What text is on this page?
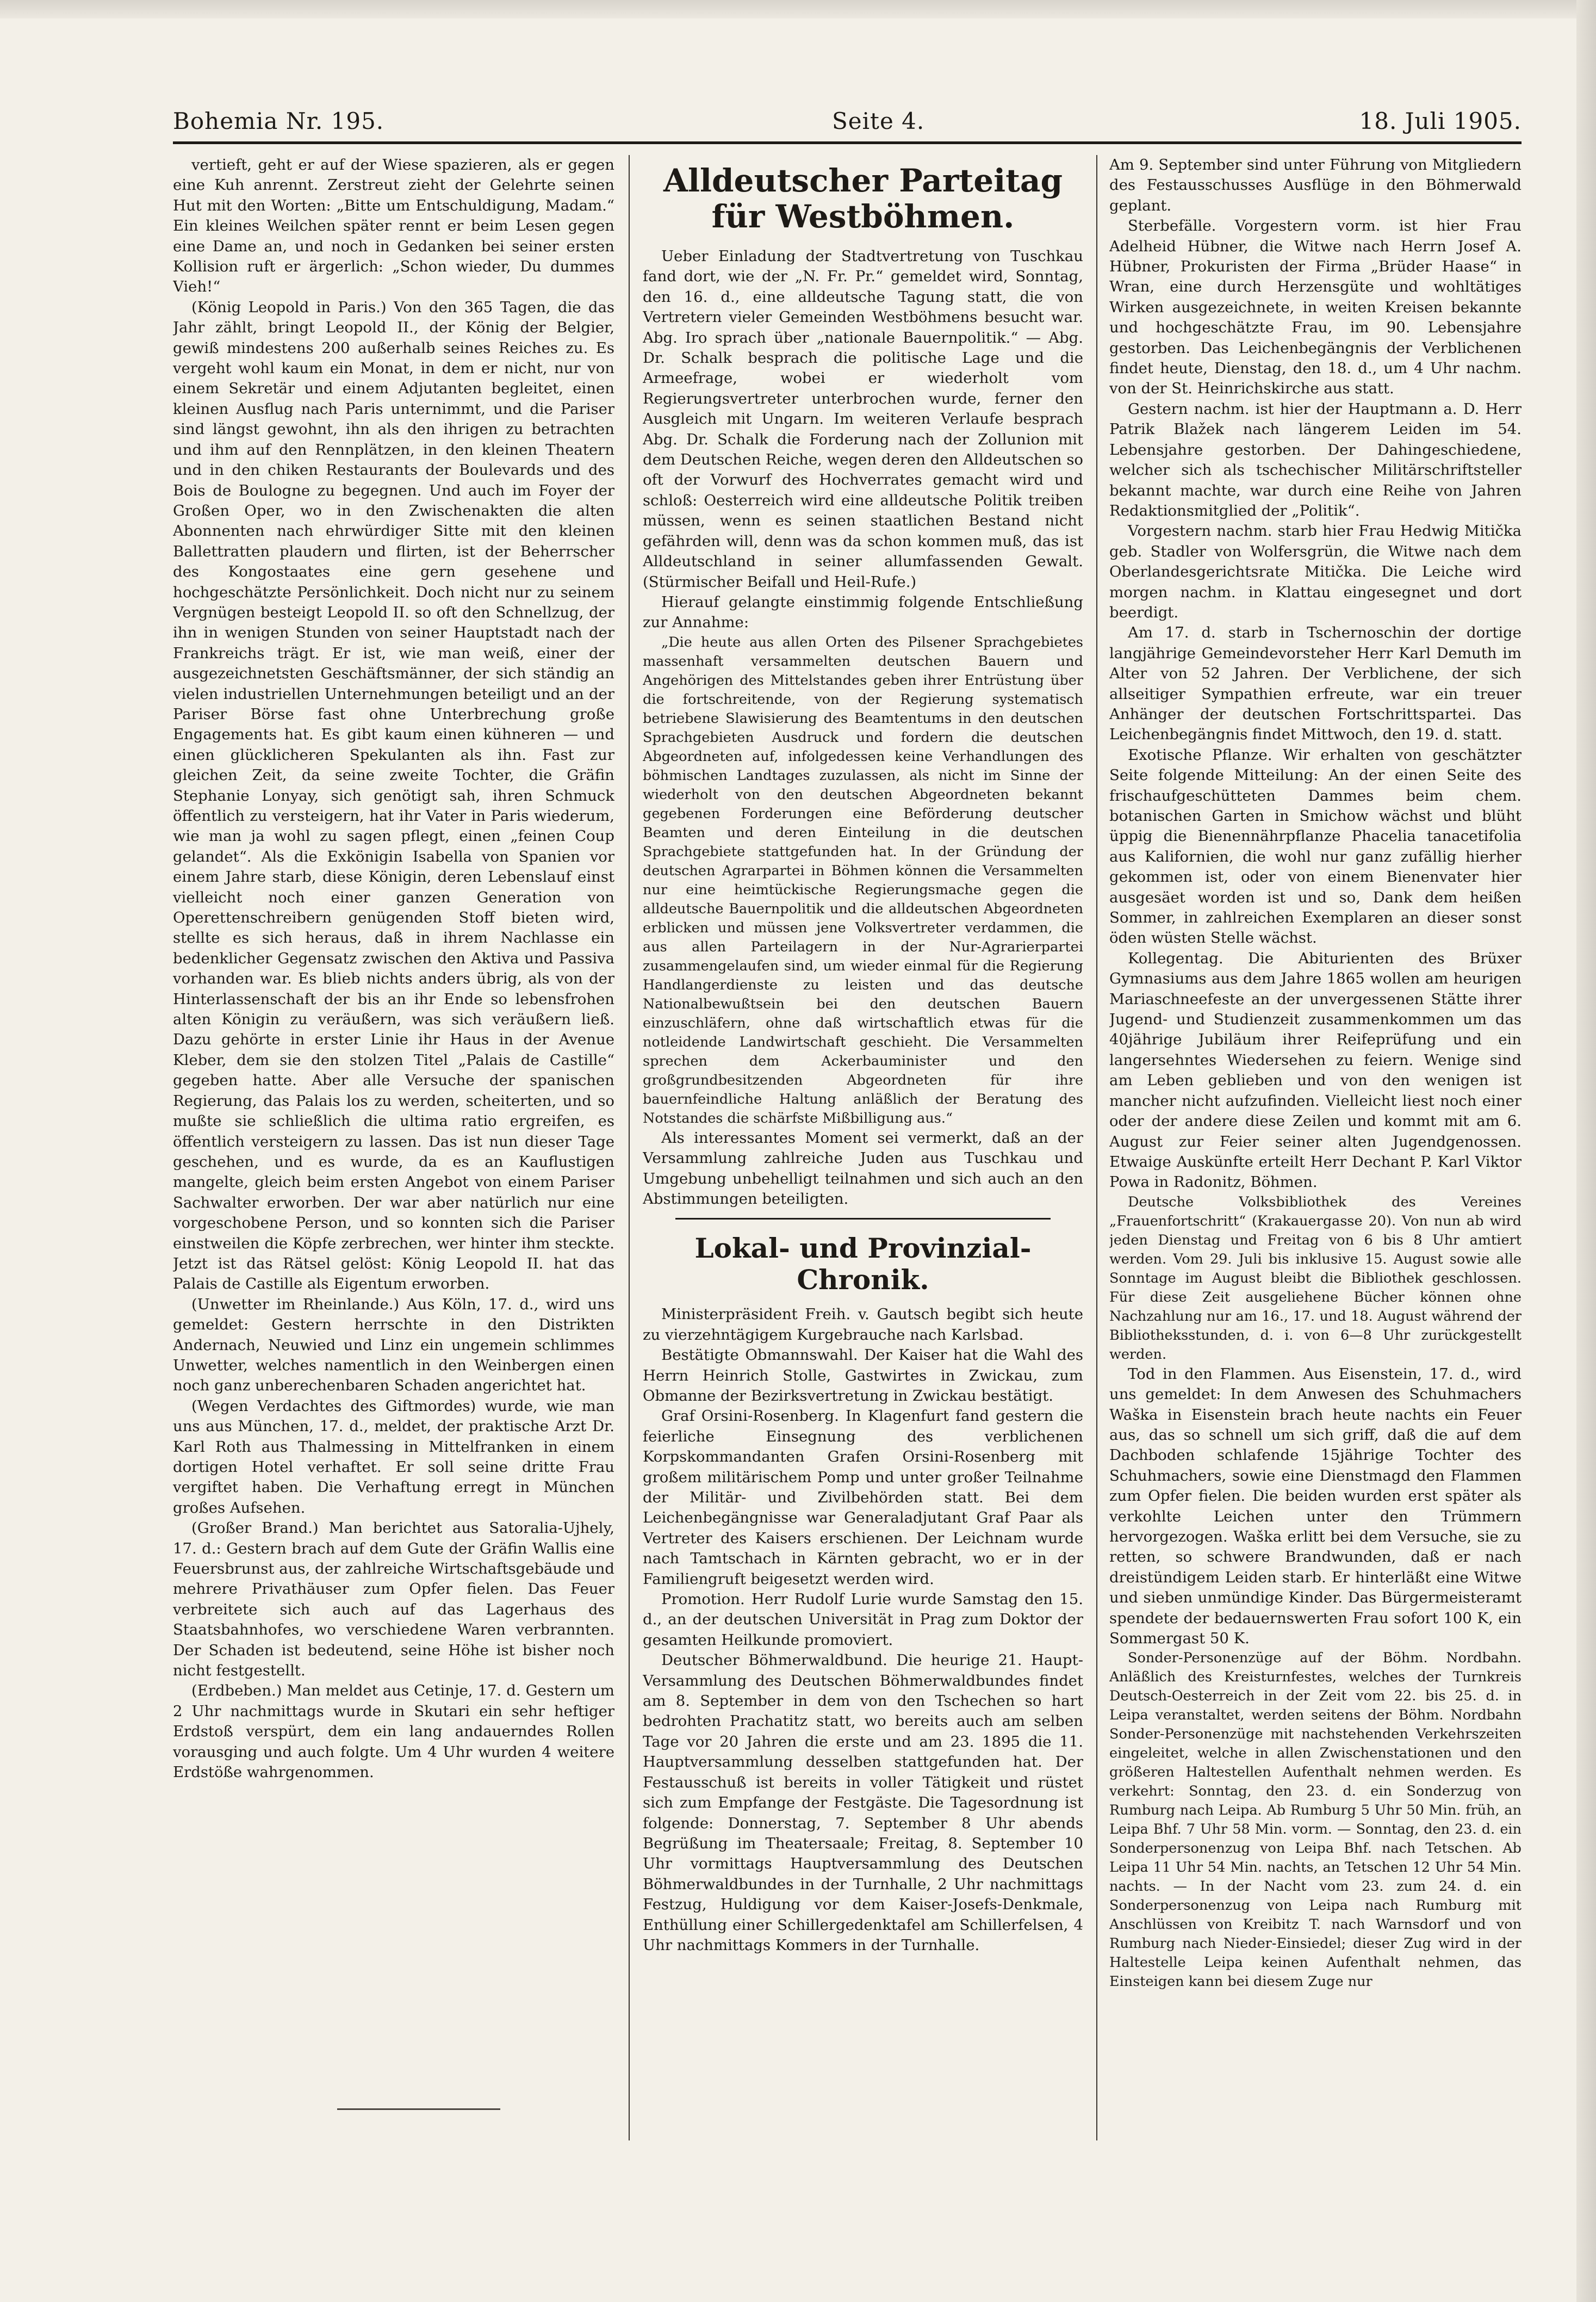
Bohemia Nr. 195.	Seite 4.	18. Juli 1905.

vertieft, geht er auf der Wiese spazieren, als er gegen eine Kuh anrennt. Zerstreut zieht der Gelehrte seinen Hut mit den Worten: „Bitte um Entschuldigung, Madam.“ Ein kleines Weilchen später rennt er beim Lesen gegen eine Dame an, und noch in Gedanken bei seiner ersten Kollision ruft er ärgerlich: „Schon wieder, Du dummes Vieh!“

(König Leopold in Paris.) Von den 365 Tagen, die das Jahr zählt, bringt Leopold II., der König der Belgier, gewiß mindestens 200 außerhalb seines Reiches zu. Es vergeht wohl kaum ein Monat, in dem er nicht, nur von einem Sekretär und einem Adjutanten begleitet, einen kleinen Ausflug nach Paris unternimmt, und die Pariser sind längst gewohnt, ihn als den ihrigen zu betrachten und ihm auf den Rennplätzen, in den kleinen Theatern und in den chiken Restaurants der Boulevards und des Bois de Boulogne zu begegnen. Und auch im Foyer der Großen Oper, wo in den Zwischenakten die alten Abonnenten nach ehrwürdiger Sitte mit den kleinen Ballettratten plaudern und flirten, ist der Beherrscher des Kongostaates eine gern gesehene und hochgeschätzte Persönlichkeit. Doch nicht nur zu seinem Vergnügen besteigt Leopold II. so oft den Schnellzug, der ihn in wenigen Stunden von seiner Hauptstadt nach der Frankreichs trägt. Er ist, wie man weiß, einer der ausgezeichnetsten Geschäftsmänner, der sich ständig an vielen industriellen Unternehmungen beteiligt und an der Pariser Börse fast ohne Unterbrechung große Engagements hat. Es gibt kaum einen kühneren — und einen glücklicheren Spekulanten als ihn. Fast zur gleichen Zeit, da seine zweite Tochter, die Gräfin Stephanie Lonyay, sich genötigt sah, ihren Schmuck öffentlich zu versteigern, hat ihr Vater in Paris wiederum, wie man ja wohl zu sagen pflegt, einen „feinen Coup gelandet“. Als die Exkönigin Isabella von Spanien vor einem Jahre starb, diese Königin, deren Lebenslauf einst vielleicht noch einer ganzen Generation von Operettenschreibern genügenden Stoff bieten wird, stellte es sich heraus, daß in ihrem Nachlasse ein bedenklicher Gegensatz zwischen den Aktiva und Passiva vorhanden war. Es blieb nichts anders übrig, als von der Hinterlassenschaft der bis an ihr Ende so lebensfrohen alten Königin zu veräußern, was sich veräußern ließ. Dazu gehörte in erster Linie ihr Haus in der Avenue Kleber, dem sie den stolzen Titel „Palais de Castille“ gegeben hatte. Aber alle Versuche der spanischen Regierung, das Palais los zu werden, scheiterten, und so mußte sie schließlich die ultima ratio ergreifen, es öffentlich versteigern zu lassen. Das ist nun dieser Tage geschehen, und es wurde, da es an Kauflustigen mangelte, gleich beim ersten Angebot von einem Pariser Sachwalter erworben. Der war aber natürlich nur eine vorgeschobene Person, und so konnten sich die Pariser einstweilen die Köpfe zerbrechen, wer hinter ihm steckte. Jetzt ist das Rätsel gelöst: König Leopold II. hat das Palais de Castille als Eigentum erworben.

(Unwetter im Rheinlande.) Aus Köln, 17. d., wird uns gemeldet: Gestern herrschte in den Distrikten Andernach, Neuwied und Linz ein ungemein schlimmes Unwetter, welches namentlich in den Weinbergen einen noch ganz unberechenbaren Schaden angerichtet hat.

(Wegen Verdachtes des Giftmordes) wurde, wie man uns aus München, 17. d., meldet, der praktische Arzt Dr. Karl Roth aus Thalmessing in Mittelfranken in einem dortigen Hotel verhaftet. Er soll seine dritte Frau vergiftet haben. Die Verhaftung erregt in München großes Aufsehen.

(Großer Brand.) Man berichtet aus Satoralia-Ujhely, 17. d.: Gestern brach auf dem Gute der Gräfin Wallis eine Feuersbrunst aus, der zahlreiche Wirtschaftsgebäude und mehrere Privathäuser zum Opfer fielen. Das Feuer verbreitete sich auch auf das Lagerhaus des Staatsbahnhofes, wo verschiedene Waren verbrannten. Der Schaden ist bedeutend, seine Höhe ist bisher noch nicht festgestellt.

(Erdbeben.) Man meldet aus Cetinje, 17. d. Gestern um 2 Uhr nachmittags wurde in Skutari ein sehr heftiger Erdstoß verspürt, dem ein lang andauerndes Rollen vorausging und auch folgte. Um 4 Uhr wurden 4 weitere Erdstöße wahrgenommen.

Alldeutscher Parteitag für Westböhmen.

Ueber Einladung der Stadtvertretung von Tuschkau fand dort, wie der „N. Fr. Pr.“ gemeldet wird, Sonntag, den 16. d., eine alldeutsche Tagung statt, die von Vertretern vieler Gemeinden Westböhmens besucht war. Abg. Iro sprach über „nationale Bauernpolitik.“ — Abg. Dr. Schalk besprach die politische Lage und die Armeefrage, wobei er wiederholt vom Regierungsvertreter unterbrochen wurde, ferner den Ausgleich mit Ungarn. Im weiteren Verlaufe besprach Abg. Dr. Schalk die Forderung nach der Zollunion mit dem Deutschen Reiche, wegen deren den Alldeutschen so oft der Vorwurf des Hochverrates gemacht wird und schloß: Oesterreich wird eine alldeutsche Politik treiben müssen, wenn es seinen staatlichen Bestand nicht gefährden will, denn was da schon kommen muß, das ist Alldeutschland in seiner allumfassenden Gewalt. (Stürmischer Beifall und Heil-Rufe.)

Hierauf gelangte einstimmig folgende Entschließung zur Annahme:

„Die heute aus allen Orten des Pilsener Sprachgebietes massenhaft versammelten deutschen Bauern und Angehörigen des Mittelstandes geben ihrer Entrüstung über die fortschreitende, von der Regierung systematisch betriebene Slawisierung des Beamtentums in den deutschen Sprachgebieten Ausdruck und fordern die deutschen Abgeordneten auf, infolgedessen keine Verhandlungen des böhmischen Landtages zuzulassen, als nicht im Sinne der wiederholt von den deutschen Abgeordneten bekannt gegebenen Forderungen eine Beförderung deutscher Beamten und deren Einteilung in die deutschen Sprachgebiete stattgefunden hat. In der Gründung der deutschen Agrarpartei in Böhmen können die Versammelten nur eine heimtückische Regierungsmache gegen die alldeutsche Bauernpolitik und die alldeutschen Abgeordneten erblicken und müssen jene Volksvertreter verdammen, die aus allen Parteilagern in der Nur-Agrarierpartei zusammengelaufen sind, um wieder einmal für die Regierung Handlangerdienste zu leisten und das deutsche Nationalbewußtsein bei den deutschen Bauern einzuschläfern, ohne daß wirtschaftlich etwas für die notleidende Landwirtschaft geschieht. Die Versammelten sprechen dem Ackerbauminister und den großgrundbesitzenden Abgeordneten für ihre bauernfeindliche Haltung anläßlich der Beratung des Notstandes die schärfste Mißbilligung aus.“

Als interessantes Moment sei vermerkt, daß an der Versammlung zahlreiche Juden aus Tuschkau und Umgebung unbehelligt teilnahmen und sich auch an den Abstimmungen beteiligten.

Lokal- und Provinzial-Chronik.

Ministerpräsident Freih. v. Gautsch begibt sich heute zu vierzehntägigem Kurgebrauche nach Karlsbad.

Bestätigte Obmannswahl. Der Kaiser hat die Wahl des Herrn Heinrich Stolle, Gastwirtes in Zwickau, zum Obmanne der Bezirksvertretung in Zwickau bestätigt.

Graf Orsini-Rosenberg. In Klagenfurt fand gestern die feierliche Einsegnung des verblichenen Korpskommandanten Grafen Orsini-Rosenberg mit großem militärischem Pomp und unter großer Teilnahme der Militär- und Zivilbehörden statt. Bei dem Leichenbegängnisse war Generaladjutant Graf Paar als Vertreter des Kaisers erschienen. Der Leichnam wurde nach Tamtschach in Kärnten gebracht, wo er in der Familiengruft beigesetzt werden wird.

Promotion. Herr Rudolf Lurie wurde Samstag den 15. d., an der deutschen Universität in Prag zum Doktor der gesamten Heilkunde promoviert.

Deutscher Böhmerwaldbund. Die heurige 21. Haupt-Versammlung des Deutschen Böhmerwaldbundes findet am 8. September in dem von den Tschechen so hart bedrohten Prachatitz statt, wo bereits auch am selben Tage vor 20 Jahren die erste und am 23. 1895 die 11. Hauptversammlung desselben stattgefunden hat. Der Festausschuß ist bereits in voller Tätigkeit und rüstet sich zum Empfange der Festgäste. Die Tagesordnung ist folgende: Donnerstag, 7. September 8 Uhr abends Begrüßung im Theatersaale; Freitag, 8. September 10 Uhr vormittags Hauptversammlung des Deutschen Böhmerwaldbundes in der Turnhalle, 2 Uhr nachmittags Festzug, Huldigung vor dem Kaiser-Josefs-Denkmale, Enthüllung einer Schillergedenktafel am Schillerfelsen, 4 Uhr nachmittags Kommers in der Turnhalle.

Am 9. September sind unter Führung von Mitgliedern des Festausschusses Ausflüge in den Böhmerwald geplant.

Sterbefälle. Vorgestern vorm. ist hier Frau Adelheid Hübner, die Witwe nach Herrn Josef A. Hübner, Prokuristen der Firma „Brüder Haase“ in Wran, eine durch Herzensgüte und wohltätiges Wirken ausgezeichnete, in weiten Kreisen bekannte und hochgeschätzte Frau, im 90. Lebensjahre gestorben. Das Leichenbegängnis der Verblichenen findet heute, Dienstag, den 18. d., um 4 Uhr nachm. von der St. Heinrichskirche aus statt.

Gestern nachm. ist hier der Hauptmann a. D. Herr Patrik Blažek nach längerem Leiden im 54. Lebensjahre gestorben. Der Dahingeschiedene, welcher sich als tschechischer Militärschriftsteller bekannt machte, war durch eine Reihe von Jahren Redaktionsmitglied der „Politik“.

Vorgestern nachm. starb hier Frau Hedwig Mitička geb. Stadler von Wolfersgrün, die Witwe nach dem Oberlandesgerichtsrate Mitička. Die Leiche wird morgen nachm. in Klattau eingesegnet und dort beerdigt.

Am 17. d. starb in Tschernoschin der dortige langjährige Gemeindevorsteher Herr Karl Demuth im Alter von 52 Jahren. Der Verblichene, der sich allseitiger Sympathien erfreute, war ein treuer Anhänger der deutschen Fortschrittspartei. Das Leichenbegängnis findet Mittwoch, den 19. d. statt.

Exotische Pflanze. Wir erhalten von geschätzter Seite folgende Mitteilung: An der einen Seite des frischaufgeschütteten Dammes beim chem. botanischen Garten in Smichow wächst und blüht üppig die Bienennährpflanze Phacelia tanacetifolia aus Kalifornien, die wohl nur ganz zufällig hierher gekommen ist, oder von einem Bienenvater hier ausgesäet worden ist und so, Dank dem heißen Sommer, in zahlreichen Exemplaren an dieser sonst öden wüsten Stelle wächst.

Kollegentag. Die Abiturienten des Brüxer Gymnasiums aus dem Jahre 1865 wollen am heurigen Mariaschneefeste an der unvergessenen Stätte ihrer Jugend- und Studienzeit zusammenkommen um das 40jährige Jubiläum ihrer Reifeprüfung und ein langersehntes Wiedersehen zu feiern. Wenige sind am Leben geblieben und von den wenigen ist mancher nicht aufzufinden. Vielleicht liest noch einer oder der andere diese Zeilen und kommt mit am 6. August zur Feier seiner alten Jugendgenossen. Etwaige Auskünfte erteilt Herr Dechant P. Karl Viktor Powa in Radonitz, Böhmen.

Deutsche Volksbibliothek des Vereines „Frauenfortschritt“ (Krakauergasse 20). Von nun ab wird jeden Dienstag und Freitag von 6 bis 8 Uhr amtiert werden. Vom 29. Juli bis inklusive 15. August sowie alle Sonntage im August bleibt die Bibliothek geschlossen. Für diese Zeit ausgeliehene Bücher können ohne Nachzahlung nur am 16., 17. und 18. August während der Bibliotheksstunden, d. i. von 6—8 Uhr zurückgestellt werden.

Tod in den Flammen. Aus Eisenstein, 17. d., wird uns gemeldet: In dem Anwesen des Schuhmachers Waška in Eisenstein brach heute nachts ein Feuer aus, das so schnell um sich griff, daß die auf dem Dachboden schlafende 15jährige Tochter des Schuhmachers, sowie eine Dienstmagd den Flammen zum Opfer fielen. Die beiden wurden erst später als verkohlte Leichen unter den Trümmern hervorgezogen. Waška erlitt bei dem Versuche, sie zu retten, so schwere Brandwunden, daß er nach dreistündigem Leiden starb. Er hinterläßt eine Witwe und sieben unmündige Kinder. Das Bürgermeisteramt spendete der bedauernswerten Frau sofort 100 K, ein Sommergast 50 K.

Sonder-Personenzüge auf der Böhm. Nordbahn. Anläßlich des Kreisturnfestes, welches der Turnkreis Deutsch-Oesterreich in der Zeit vom 22. bis 25. d. in Leipa veranstaltet, werden seitens der Böhm. Nordbahn Sonder-Personenzüge mit nachstehenden Verkehrszeiten eingeleitet, welche in allen Zwischenstationen und den größeren Haltestellen Aufenthalt nehmen werden. Es verkehrt: Sonntag, den 23. d. ein Sonderzug von Rumburg nach Leipa. Ab Rumburg 5 Uhr 50 Min. früh, an Leipa Bhf. 7 Uhr 58 Min. vorm. — Sonntag, den 23. d. ein Sonderpersonenzug von Leipa Bhf. nach Tetschen. Ab Leipa 11 Uhr 54 Min. nachts, an Tetschen 12 Uhr 54 Min. nachts. — In der Nacht vom 23. zum 24. d. ein Sonderpersonenzug von Leipa nach Rumburg mit Anschlüssen von Kreibitz T. nach Warnsdorf und von Rumburg nach Nieder-Einsiedel; dieser Zug wird in der Haltestelle Leipa keinen Aufenthalt nehmen, das Einsteigen kann bei diesem Zuge nur
